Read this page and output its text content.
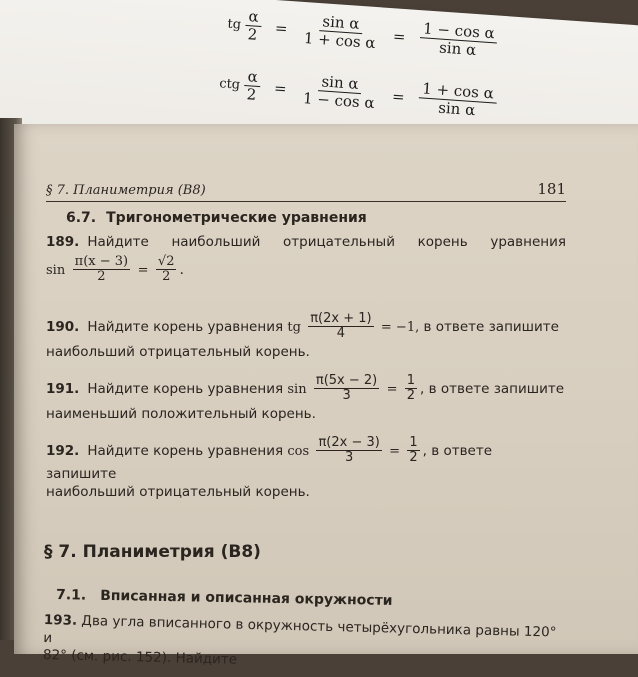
tg $\frac{\alpha}{2} = \frac{\text{sin α}}{\text{1 + cos α}} = \frac{\text{1 − cos α}}{\text{sin α}}$
ctg $\frac{\alpha}{2} = \frac{\text{sin α}}{\text{1 − cos α}} = \frac{\text{1 + cos α}}{\text{sin α}}$
§ 7. Планиметрия (B8)	181
6.7. Тригонометрические уравнения
189. Найдите наибольший отрицательный корень уравнения
$\sin \frac{\pi(x - 3)}{2} = \frac{√2}{2}$ .
190. Найдите корень уравнения tg $\frac{\pi(2x + 1)}{4} = -1$, в ответе запишите
наибольший отрицательный корень.
191. Найдите корень уравнения $\sin \frac{\pi(5x - 2)}{3} = \frac{1}{2}$ , в ответе запишите
наименьший положительный корень.
192. Найдите корень уравнения $\cos \frac{\pi(2x - 3)}{3} = \frac{1}{2}$ , в ответе запишите
наибольший отрицательный корень.
§ 7. Планиметрия (B8)
7.1. Вписанная и описанная окружности
193. Два угла вписанного в окружность четырёхугольника равны 120° и
82° (см. рис. 152). Найдите
